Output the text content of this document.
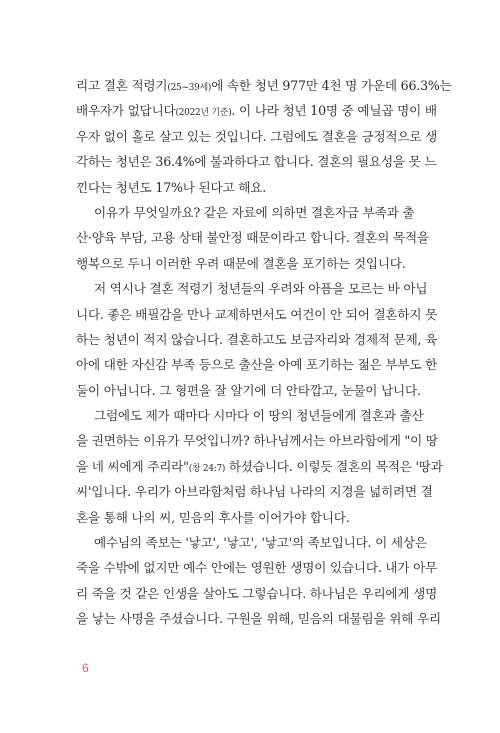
리고 결혼 적령기(25~39세)에 속한 청년 977만 4천 명 가운데 66.3%는
배우자가 없답니다(2022년 기준). 이 나라 청년 10명 중 예닐곱 명이 배
우자 없이 홀로 살고 있는 것입니다. 그럼에도 결혼을 긍정적으로 생
각하는 청년은 36.4%에 불과하다고 합니다. 결혼의 필요성을 못 느
낀다는 청년도 17%나 된다고 해요.
이유가 무엇일까요? 같은 자료에 의하면 결혼자금 부족과 출
산·양육 부담, 고용 상태 불안정 때문이라고 합니다. 결혼의 목적을
행복으로 두니 이러한 우려 때문에 결혼을 포기하는 것입니다.
저 역시나 결혼 적령기 청년들의 우려와 아픔을 모르는 바 아닙
니다. 좋은 배필감을 만나 교제하면서도 여건이 안 되어 결혼하지 못
하는 청년이 적지 않습니다. 결혼하고도 보금자리와 경제적 문제, 육
아에 대한 자신감 부족 등으로 출산을 아예 포기하는 젊은 부부도 한
둘이 아닙니다. 그 형편을 잘 알기에 더 안타깝고, 눈물이 납니다.
그럼에도 제가 때마다 시마다 이 땅의 청년들에게 결혼과 출산
을 권면하는 이유가 무엇입니까? 하나님께서는 아브라함에게 "이 땅
을 네 씨에게 주리라"(창 24:7) 하셨습니다. 이렇듯 결혼의 목적은 '땅과
씨'입니다. 우리가 아브라함처럼 하나님 나라의 지경을 넓히려면 결
혼을 통해 나의 씨, 믿음의 후사를 이어가야 합니다.
예수님의 족보는 '낳고', '낳고', '낳고'의 족보입니다. 이 세상은
죽을 수밖에 없지만 예수 안에는 영원한 생명이 있습니다. 내가 아무
리 죽을 것 같은 인생을 살아도 그렇습니다. 하나님은 우리에게 생명
을 낳는 사명을 주셨습니다. 구원을 위해, 믿음의 대물림을 위해 우리
6
